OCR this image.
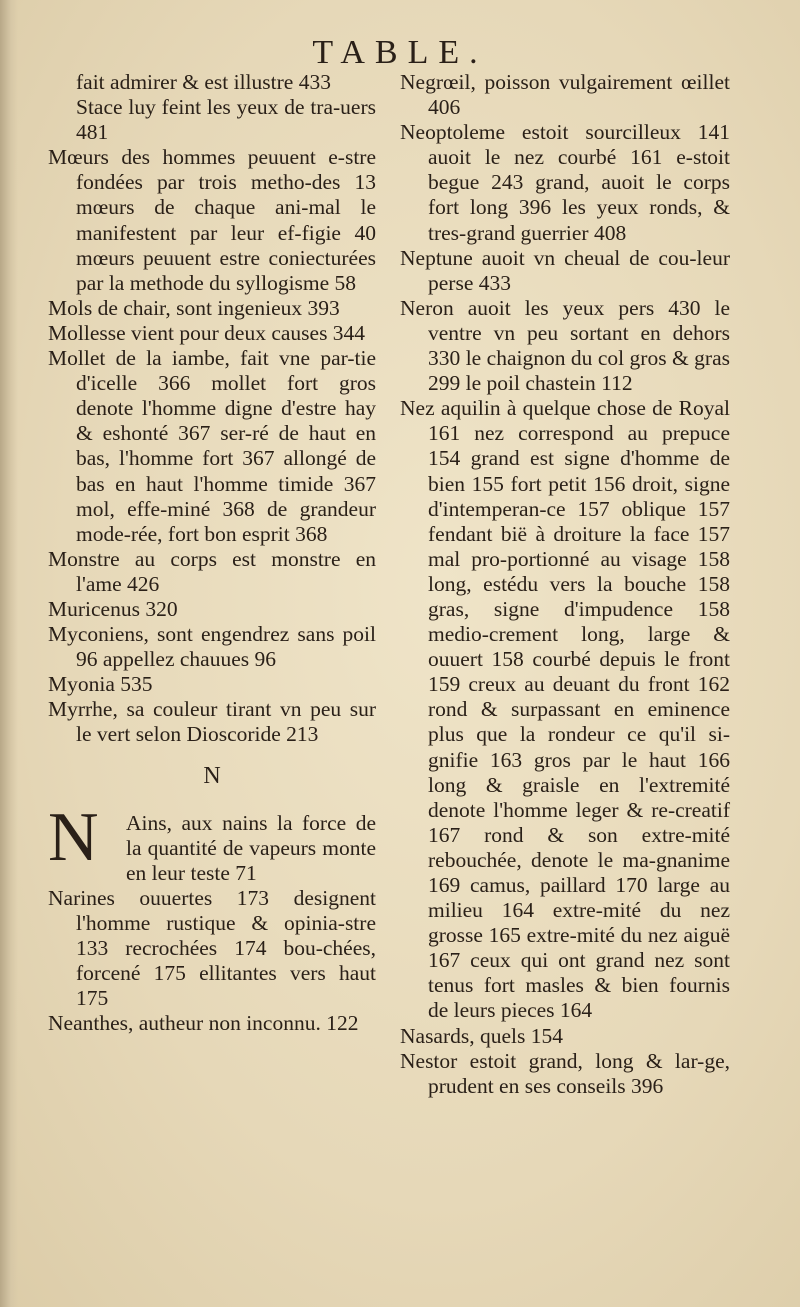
TABLE.

fait admirer & est illustre 433

Stace luy feint les yeux de tra-uers 481

Mœurs des hommes peuuent e-stre fondées par trois metho-des 13 mœurs de chaque ani-mal le manifestent par leur ef-figie 40 mœurs peuuent estre coniecturées par la methode du syllogisme 58

Mols de chair, sont ingenieux 393

Mollesse vient pour deux causes 344

Mollet de la iambe, fait vne par-tie d'icelle 366 mollet fort gros denote l'homme digne d'estre hay & eshonté 367 ser-ré de haut en bas, l'homme fort 367 allongé de bas en haut l'homme timide 367 mol, effe-miné 368 de grandeur mode-rée, fort bon esprit 368

Monstre au corps est monstre en l'ame 426

Muricenus 320

Myconiens, sont engendrez sans poil 96 appellez chauues 96

Myonia 535

Myrrhe, sa couleur tirant vn peu sur le vert selon Dioscoride 213

N
N Ains, aux nains la force de la quantité de vapeurs monte en leur teste 71

Narines ouuertes 173 designent l'homme rustique & opinia-stre 133 recrochées 174 bou-chées, forcené 175 ellitantes vers haut 175

Neanthes, autheur non inconnu. 122

Negrœil, poisson vulgairement œillet 406

Neoptoleme estoit sourcilleux 141 auoit le nez courbé 161 e-stoit begue 243 grand, auoit le corps fort long 396 les yeux ronds, & tres-grand guerrier 408

Neptune auoit vn cheual de cou-leur perse 433

Neron auoit les yeux pers 430 le ventre vn peu sortant en dehors 330 le chaignon du col gros & gras 299 le poil chastein 112

Nez aquilin à quelque chose de Royal 161 nez correspond au prepuce 154 grand est signe d'homme de bien 155 fort petit 156 droit, signe d'intemperan-ce 157 oblique 157 fendant bië à droiture la face 157 mal pro-portionné au visage 158 long, estédu vers la bouche 158 gras, signe d'impudence 158 medio-crement long, large & ouuert 158 courbé depuis le front 159 creux au deuant du front 162 rond & surpassant en eminence plus que la rondeur ce qu'il si-gnifie 163 gros par le haut 166 long & graisle en l'extremité denote l'homme leger & re-creatif 167 rond & son extre-mité rebouchée, denote le ma-gnanime 169 camus, paillard 170 large au milieu 164 extre-mité du nez grosse 165 extre-mité du nez aiguë 167 ceux qui ont grand nez sont tenus fort masles & bien fournis de leurs pieces 164

Nasards, quels 154

Nestor estoit grand, long & lar-ge, prudent en ses conseils 396
